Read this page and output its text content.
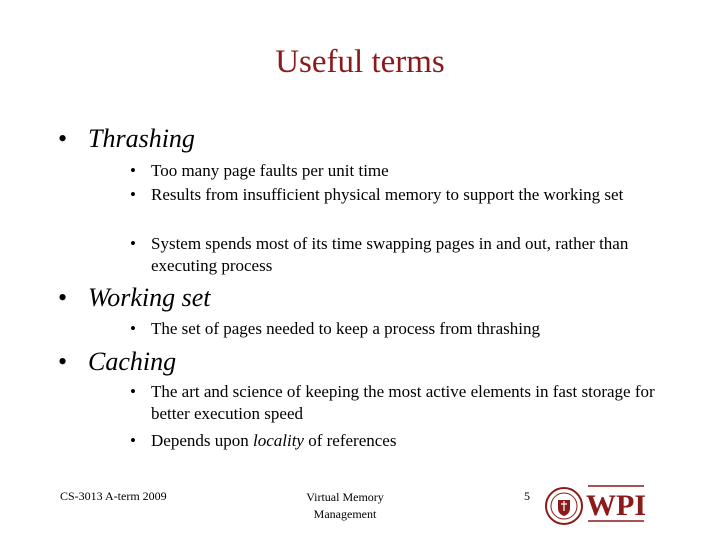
Useful terms
• Thrashing
• Too many page faults per unit time
• Results from insufficient physical memory to support the working set
• System spends most of its time swapping pages in and out, rather than executing process
• Working set
• The set of pages needed to keep a process from thrashing
• Caching
• The art and science of keeping the most active elements in fast storage for better execution speed
• Depends upon locality of references
CS-3013 A-term 2009	Virtual Memory
Management
5 WPI
